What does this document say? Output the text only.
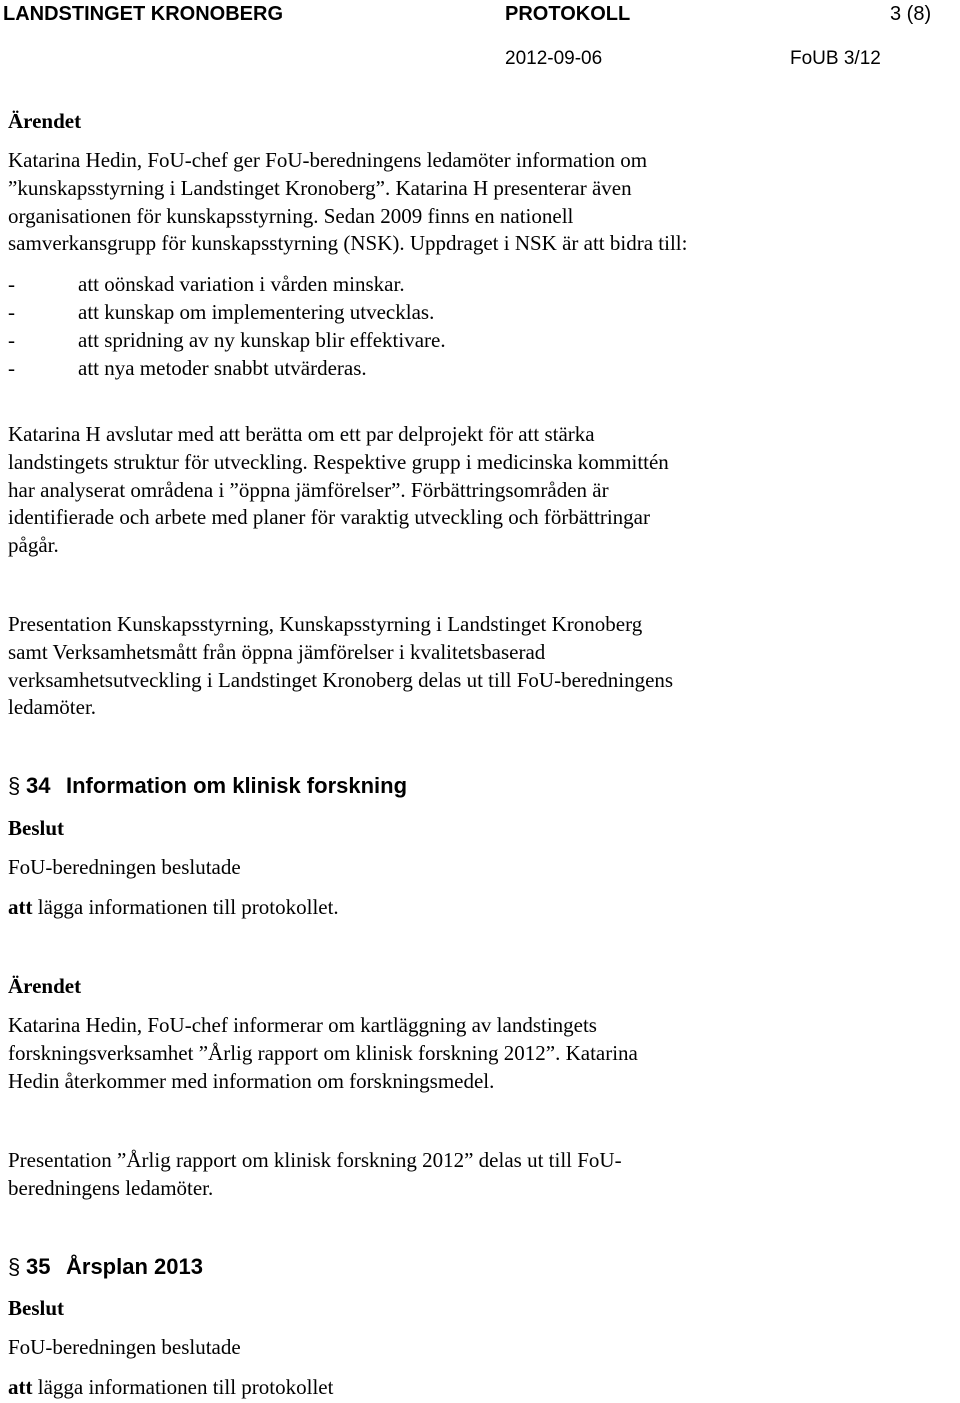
LANDSTINGET KRONOBERG	PROTOKOLL	3 (8)
2012-09-06	FoUB 3/12
Ärendet
Katarina Hedin, FoU-chef ger FoU-beredningens ledamöter information om
”kunskapsstyrning i Landstinget Kronoberg”. Katarina H presenterar även
organisationen för kunskapsstyrning. Sedan 2009 finns en nationell
samverkansgrupp för kunskapsstyrning (NSK). Uppdraget i NSK är att bidra till:
-	att oönskad variation i vården minskar.
-	att kunskap om implementering utvecklas.
-	att spridning av ny kunskap blir effektivare.
-	att nya metoder snabbt utvärderas.
Katarina H avslutar med att berätta om ett par delprojekt för att stärka
landstingets struktur för utveckling. Respektive grupp i medicinska kommittén
har analyserat områdena i ”öppna jämförelser”. Förbättringsområden är
identifierade och arbete med planer för varaktig utveckling och förbättringar
pågår.
Presentation Kunskapsstyrning, Kunskapsstyrning i Landstinget Kronoberg
samt Verksamhetsmått från öppna jämförelser i kvalitetsbaserad
verksamhetsutveckling i Landstinget Kronoberg delas ut till FoU-beredningens
ledamöter.
§ 34 Information om klinisk forskning
Beslut
FoU-beredningen beslutade
att lägga informationen till protokollet.
Ärendet
Katarina Hedin, FoU-chef informerar om kartläggning av landstingets
forskningsverksamhet ”Årlig rapport om klinisk forskning 2012”. Katarina
Hedin återkommer med information om forskningsmedel.
Presentation ”Årlig rapport om klinisk forskning 2012” delas ut till FoU-
beredningens ledamöter.
§ 35 Årsplan 2013
Beslut
FoU-beredningen beslutade
att lägga informationen till protokollet
